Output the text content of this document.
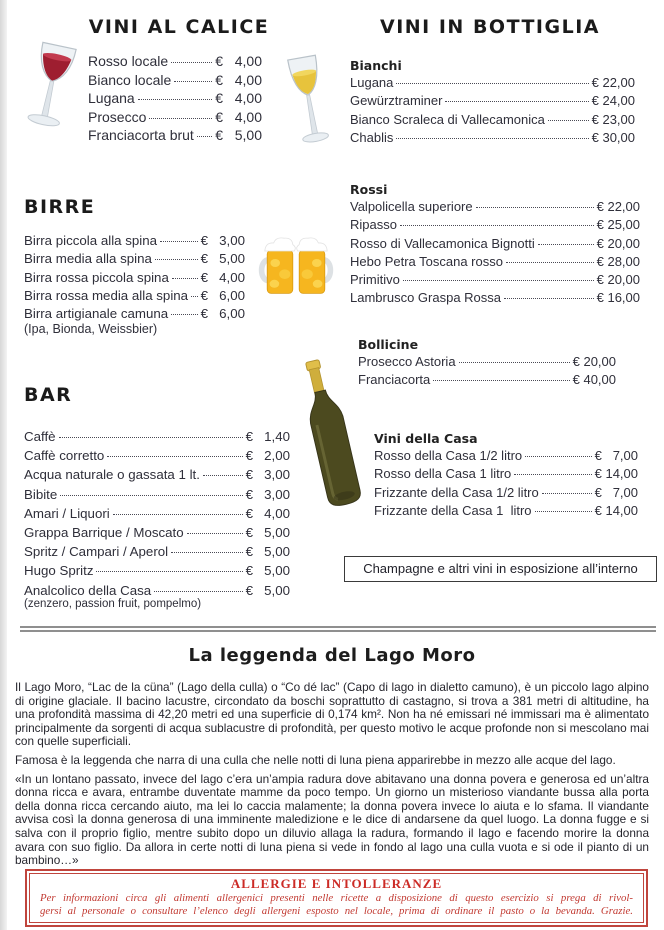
VINI AL CALICE
Rosso locale	€  4,00
Bianco locale	€  4,00
Lugana	€  4,00
Prosecco	€  4,00
Franciacorta brut €  5,00
BIRRE
Birra piccola alla spina	€  3,00
Birra media alla spina	€  5,00
Birra rossa piccola spina €  4,00
Birra rossa media alla spina €  6,00
Birra artigianale camuna €  6,00
(Ipa, Bionda, Weissbier)
BAR
Caffè	€  1,40
Caffè corretto	€  2,00
Acqua naturale o gassata 1 lt.	€  3,00
Bibite	€  3,00
Amari / Liquori	€  4,00
Grappa Barrique / Moscato	€  5,00
Spritz / Campari / Aperol	€  5,00
Hugo Spritz	€  5,00
Analcolico della Casa	€  5,00
(zenzero, passion fruit, pompelmo)
VINI IN BOTTIGLIA
Bianchi
Lugana	€ 22,00
Gewürztraminer	€ 24,00
Bianco Scraleca di Vallecamonica	€ 23,00
Chablis	€ 30,00
Rossi
Valpolicella superiore	€ 22,00
Ripasso	€ 25,00
Rosso di Vallecamonica Bignotti	€ 20,00
Hebo Petra Toscana rosso	€ 28,00
Primitivo	€ 20,00
Lambrusco Graspa Rossa	€ 16,00
Bollicine
Prosecco Astoria	€ 20,00
Franciacorta	€ 40,00
Vini della Casa
Rosso della Casa 1/2 litro	€  7,00
Rosso della Casa 1 litro	€ 14,00
Frizzante della Casa 1/2 litro	€  7,00
Frizzante della Casa 1  litro	€ 14,00
Champagne e altri vini in esposizione all’interno
La leggenda del Lago Moro

Il Lago Moro, “Lac de la cüna” (Lago della culla) o “Co dé lac” (Capo di lago in dialetto camuno), è un piccolo lago alpino di origine glaciale. Il bacino lacustre, circondato da boschi soprattutto di castagno, si trova a 381 metri di altitudine, ha una profondità massima di 42,20 metri ed una superficie di 0,174 km². Non ha né emissari né immissari ma è alimentato principalmente da sorgenti di acqua sublacustre di profondità, per questo motivo le acque profonde non si mescolano mai con quelle superficiali.

Famosa è la leggenda che narra di una culla che nelle notti di luna piena apparirebbe in mezzo alle acque del lago.

«In un lontano passato, invece del lago c’era un’ampia radura dove abitavano una donna povera e generosa ed un’altra donna ricca e avara, entrambe duventate mamme da poco tempo. Un giorno un misterioso viandante bussa alla porta della donna ricca cercando aiuto, ma lei lo caccia malamente; la donna povera invece lo aiuta e lo sfama. Il viandante avvisa così la donna generosa di una imminente maledizione e le dice di andarsene da quel luogo. La donna fugge e si salva con il proprio figlio, mentre subito dopo un diluvio allaga la radura, formando il lago e facendo morire la donna avara con suo figlio. Da allora in certe notti di luna piena si vede in fondo al lago una culla vuota e si ode il pianto di un bambino…»

ALLERGIE E INTOLLERANZE
Per informazioni circa gli alimenti allergenici presenti nelle ricette a disposizione di questo esercizio si prega di rivol-
gersi al personale o consultare l’elenco degli allergeni esposto nel locale, prima di ordinare il pasto o la bevanda. Grazie.
